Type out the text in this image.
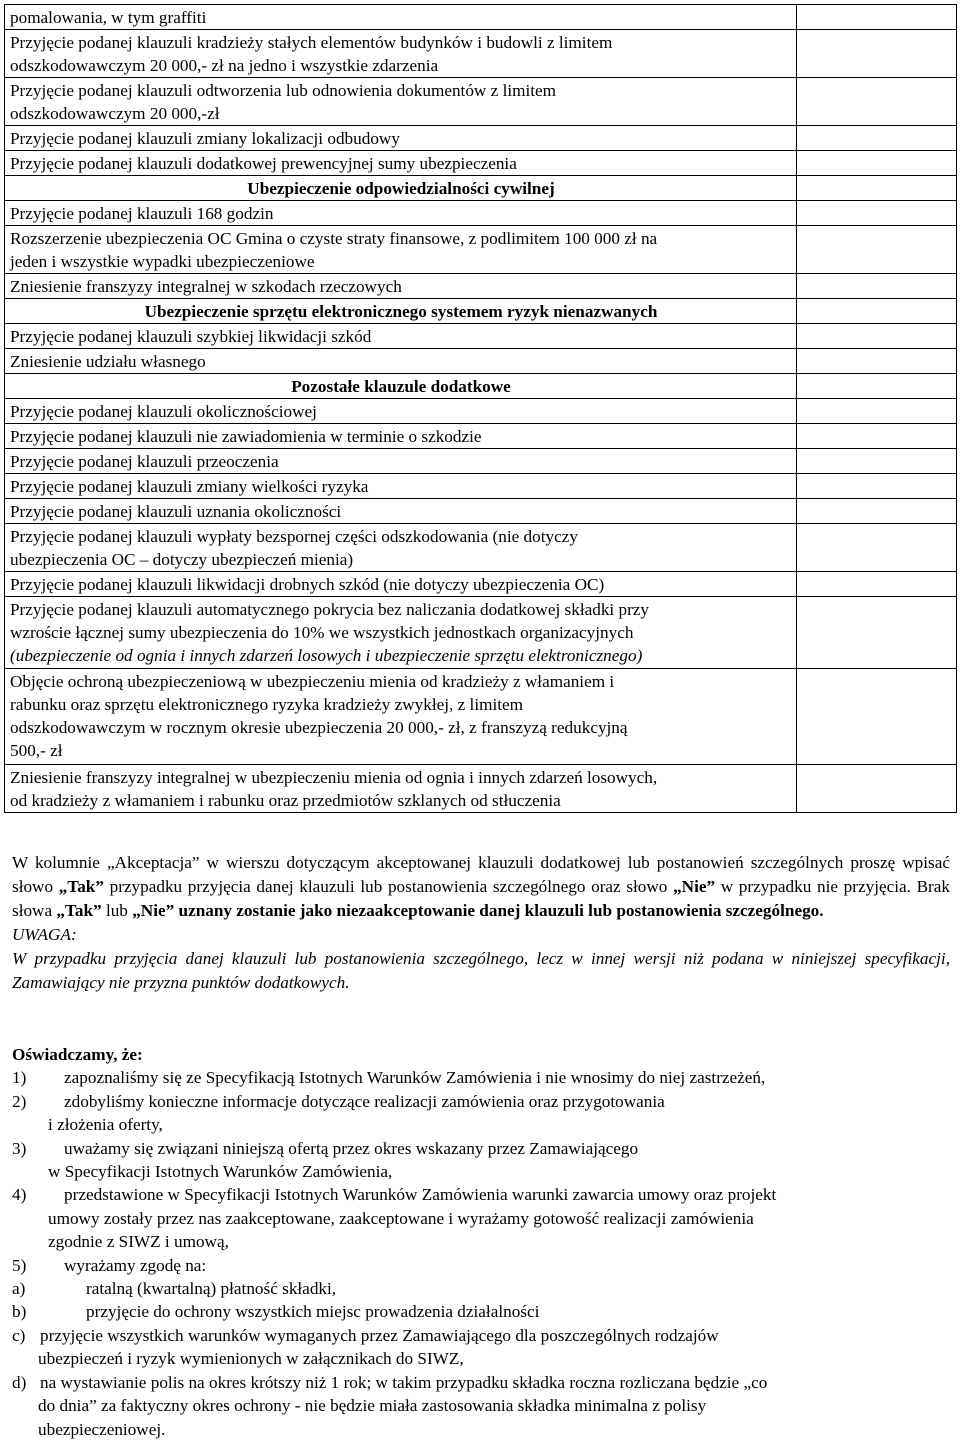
pomalowania, w tym graffiti	
Przyjęcie podanej klauzuli kradzieży stałych elementów budynków i budowli z limitem
odszkodowawczym 20 000,- zł na jedno i wszystkie zdarzenia	
Przyjęcie podanej klauzuli odtworzenia lub odnowienia dokumentów z limitem
odszkodowawczym 20 000,-zł	
Przyjęcie podanej klauzuli zmiany lokalizacji odbudowy	
Przyjęcie podanej klauzuli dodatkowej prewencyjnej sumy ubezpieczenia	
Ubezpieczenie odpowiedzialności cywilnej	
Przyjęcie podanej klauzuli 168 godzin	
Rozszerzenie ubezpieczenia OC Gmina o czyste straty finansowe, z podlimitem 100 000 zł na
jeden i wszystkie wypadki ubezpieczeniowe	
Zniesienie franszyzy integralnej w szkodach rzeczowych	
Ubezpieczenie sprzętu elektronicznego systemem ryzyk nienazwanych	
Przyjęcie podanej klauzuli szybkiej likwidacji szkód	
Zniesienie udziału własnego	
Pozostałe klauzule dodatkowe	
Przyjęcie podanej klauzuli okolicznościowej	
Przyjęcie podanej klauzuli nie zawiadomienia w terminie o szkodzie	
Przyjęcie podanej klauzuli przeoczenia	
Przyjęcie podanej klauzuli zmiany wielkości ryzyka	
Przyjęcie podanej klauzuli uznania okoliczności	
Przyjęcie podanej klauzuli wypłaty bezspornej części odszkodowania (nie dotyczy
ubezpieczenia OC – dotyczy ubezpieczeń mienia)	
Przyjęcie podanej klauzuli likwidacji drobnych szkód (nie dotyczy ubezpieczenia OC)	
Przyjęcie podanej klauzuli automatycznego pokrycia bez naliczania dodatkowej składki przy
wzroście łącznej sumy ubezpieczenia do 10% we wszystkich jednostkach organizacyjnych
(ubezpieczenie od ognia i innych zdarzeń losowych i ubezpieczenie sprzętu elektronicznego)	
Objęcie ochroną ubezpieczeniową w ubezpieczeniu mienia od kradzieży z włamaniem i
rabunku oraz sprzętu elektronicznego ryzyka kradzieży zwykłej, z limitem
odszkodowawczym w rocznym okresie ubezpieczenia 20 000,- zł, z franszyzą redukcyjną
500,- zł	
Zniesienie franszyzy integralnej w ubezpieczeniu mienia od ognia i innych zdarzeń losowych,
od kradzieży z włamaniem i rabunku oraz przedmiotów szklanych od stłuczenia	

W kolumnie „Akceptacja” w wierszu dotyczącym akceptowanej klauzuli dodatkowej lub postanowień szczególnych proszę wpisać słowo „Tak” przypadku przyjęcia danej klauzuli lub postanowienia szczególnego oraz słowo „Nie” w przypadku nie przyjęcia. Brak słowa „Tak” lub „Nie” uznany zostanie jako niezaakceptowanie danej klauzuli lub postanowienia szczególnego.

UWAGA:

W przypadku przyjęcia danej klauzuli lub postanowienia szczególnego, lecz w innej wersji niż podana w niniejszej specyfikacji, Zamawiający nie przyzna punktów dodatkowych.

Oświadczamy, że:

1) zapoznaliśmy się ze Specyfikacją Istotnych Warunków Zamówienia i nie wnosimy do niej zastrzeżeń,

2) zdobyliśmy konieczne informacje dotyczące realizacji zamówienia oraz przygotowania
i złożenia oferty,

3) uważamy się związani niniejszą ofertą przez okres wskazany przez Zamawiającego
w Specyfikacji Istotnych Warunków Zamówienia,

4) przedstawione w Specyfikacji Istotnych Warunków Zamówienia warunki zawarcia umowy oraz projekt
umowy zostały przez nas zaakceptowane, zaakceptowane i wyrażamy gotowość realizacji zamówienia
zgodnie z SIWZ i umową,

5) wyrażamy zgodę na:

a)	ratalną (kwartalną) płatność składki,

b)	przyjęcie do ochrony wszystkich miejsc prowadzenia działalności

c) przyjęcie wszystkich warunków wymaganych przez Zamawiającego dla poszczególnych rodzajów
ubezpieczeń i ryzyk wymienionych w załącznikach do SIWZ,

d) na wystawianie polis na okres krótszy niż 1 rok; w takim przypadku składka roczna rozliczana będzie „co
do dnia” za faktyczny okres ochrony - nie będzie miała zastosowania składka minimalna z polisy
ubezpieczeniowej.
